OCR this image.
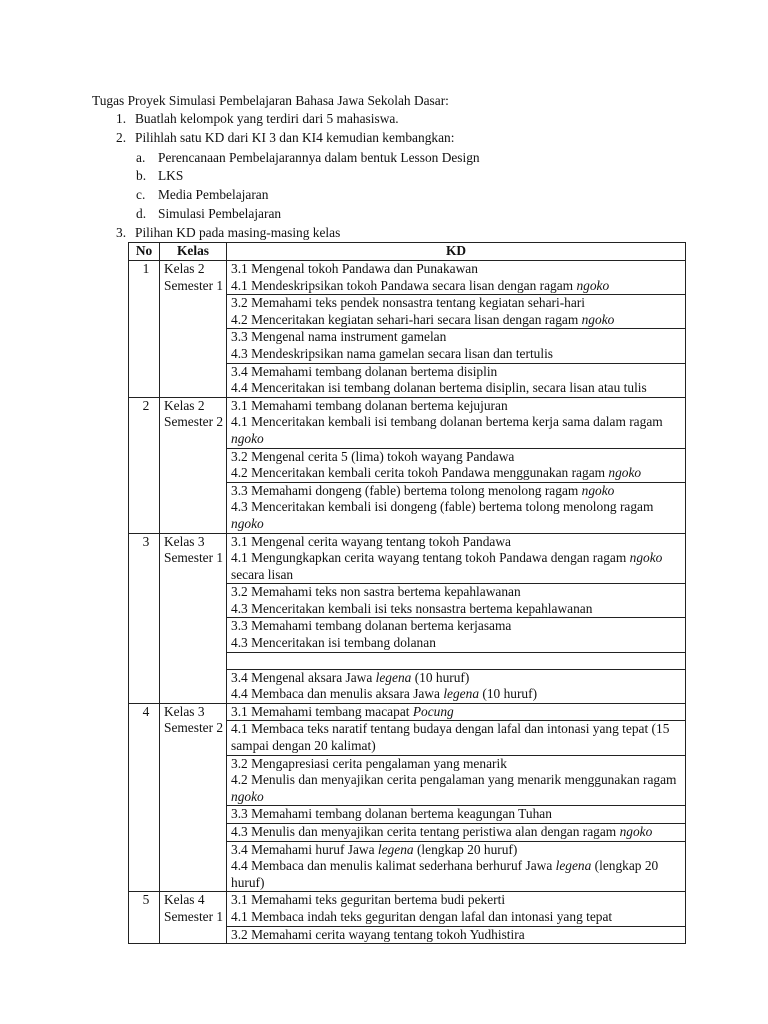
Tugas Proyek Simulasi Pembelajaran Bahasa Jawa Sekolah Dasar:
1. Buatlah kelompok yang terdiri dari 5 mahasiswa.
2. Pilihlah satu KD dari KI 3 dan KI4 kemudian kembangkan:
a. Perencanaan Pembelajarannya dalam bentuk Lesson Design
b. LKS
c. Media Pembelajaran
d. Simulasi Pembelajaran
3. Pilihan KD pada masing-masing kelas
No	Kelas	KD
1	Kelas 2 Semester 1	3.1 Mengenal tokoh Pandawa dan Punakawan
4.1 Mendeskripsikan tokoh Pandawa secara lisan dengan ragam ngoko

		3.2 Memahami teks pendek nonsastra tentang kegiatan sehari-hari
4.2 Menceritakan kegiatan sehari-hari secara lisan dengan ragam ngoko

		3.3 Mengenal nama instrument gamelan
4.3 Mendeskripsikan nama gamelan secara lisan dan tertulis

		3.4 Memahami tembang dolanan bertema disiplin
4.4 Menceritakan isi tembang dolanan bertema disiplin, secara lisan atau tulis

2	Kelas 2 Semester 2	3.1 Memahami tembang dolanan bertema kejujuran
4.1 Menceritakan kembali isi tembang dolanan bertema kerja sama dalam ragam ngoko

		3.2 Mengenal cerita 5 (lima) tokoh wayang Pandawa
4.2 Menceritakan kembali cerita tokoh Pandawa menggunakan ragam ngoko

		3.3 Memahami dongeng (fable) bertema tolong menolong ragam ngoko
4.3 Menceritakan kembali isi dongeng (fable) bertema tolong menolong ragam ngoko

3	Kelas 3 Semester 1	3.1 Mengenal cerita wayang tentang tokoh Pandawa
4.1 Mengungkapkan cerita wayang tentang tokoh Pandawa dengan ragam ngoko secara lisan

		3.2 Memahami teks non sastra bertema kepahlawanan
4.3 Menceritakan kembali isi teks nonsastra bertema kepahlawanan

		3.3 Memahami tembang dolanan bertema kerjasama
4.3 Menceritakan isi tembang dolanan

		3.4 Mengenal aksara Jawa legena (10 huruf)
4.4 Membaca dan menulis aksara Jawa legena (10 huruf)

4	Kelas 3 Semester 2	3.1 Memahami tembang macapat Pocung

		4.1 Membaca teks naratif tentang budaya dengan lafal dan intonasi yang tepat (15 sampai dengan 20 kalimat)

		3.2 Mengapresiasi cerita pengalaman yang menarik
4.2 Menulis dan menyajikan cerita pengalaman yang menarik menggunakan ragam ngoko

		3.3 Memahami tembang dolanan bertema keagungan Tuhan

		4.3 Menulis dan menyajikan cerita tentang peristiwa alan dengan ragam ngoko

		3.4 Memahami huruf Jawa legena (lengkap 20 huruf)
4.4 Membaca dan menulis kalimat sederhana berhuruf Jawa legena (lengkap 20 huruf)

5	Kelas 4 Semester 1	3.1 Memahami teks geguritan bertema budi pekerti
4.1 Membaca indah teks geguritan dengan lafal dan intonasi yang tepat

		3.2 Memahami cerita wayang tentang tokoh Yudhistira
